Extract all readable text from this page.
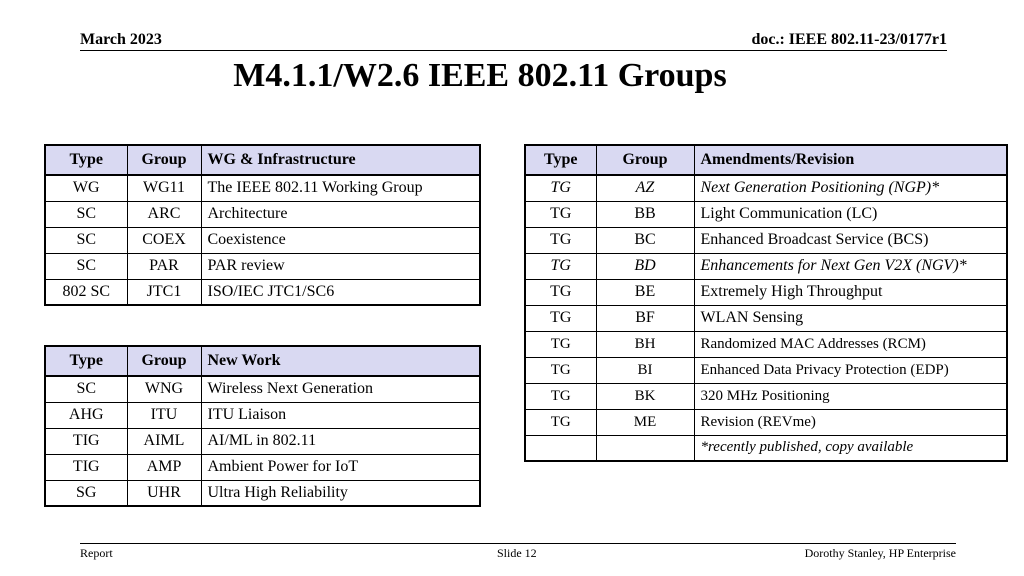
March 2023	doc.: IEEE 802.11-23/0177r1
M4.1.1/W2.6 IEEE 802.11 Groups
Type	Group	WG & Infrastructure
WG	WG11	The IEEE 802.11 Working Group
SC	ARC	Architecture
SC	COEX	Coexistence
SC	PAR	PAR review
802 SC	JTC1	ISO/IEC JTC1/SC6
Type	Group	New Work
SC	WNG	Wireless Next Generation
AHG	ITU	ITU Liaison
TIG	AIML	AI/ML in 802.11
TIG	AMP	Ambient Power for IoT
SG	UHR	Ultra High Reliability
Type	Group	Amendments/Revision
TG	AZ	Next Generation Positioning (NGP)*
TG	BB	Light Communication (LC)
TG	BC	Enhanced Broadcast Service (BCS)
TG	BD	Enhancements for Next Gen V2X (NGV)*
TG	BE	Extremely High Throughput
TG	BF	WLAN Sensing
TG	BH	Randomized MAC Addresses (RCM)
TG	BI	Enhanced Data Privacy Protection (EDP)
TG	BK	320 MHz Positioning
TG	ME	Revision (REVme)
		*recently published, copy available
Report	Slide 12	Dorothy Stanley, HP Enterprise
